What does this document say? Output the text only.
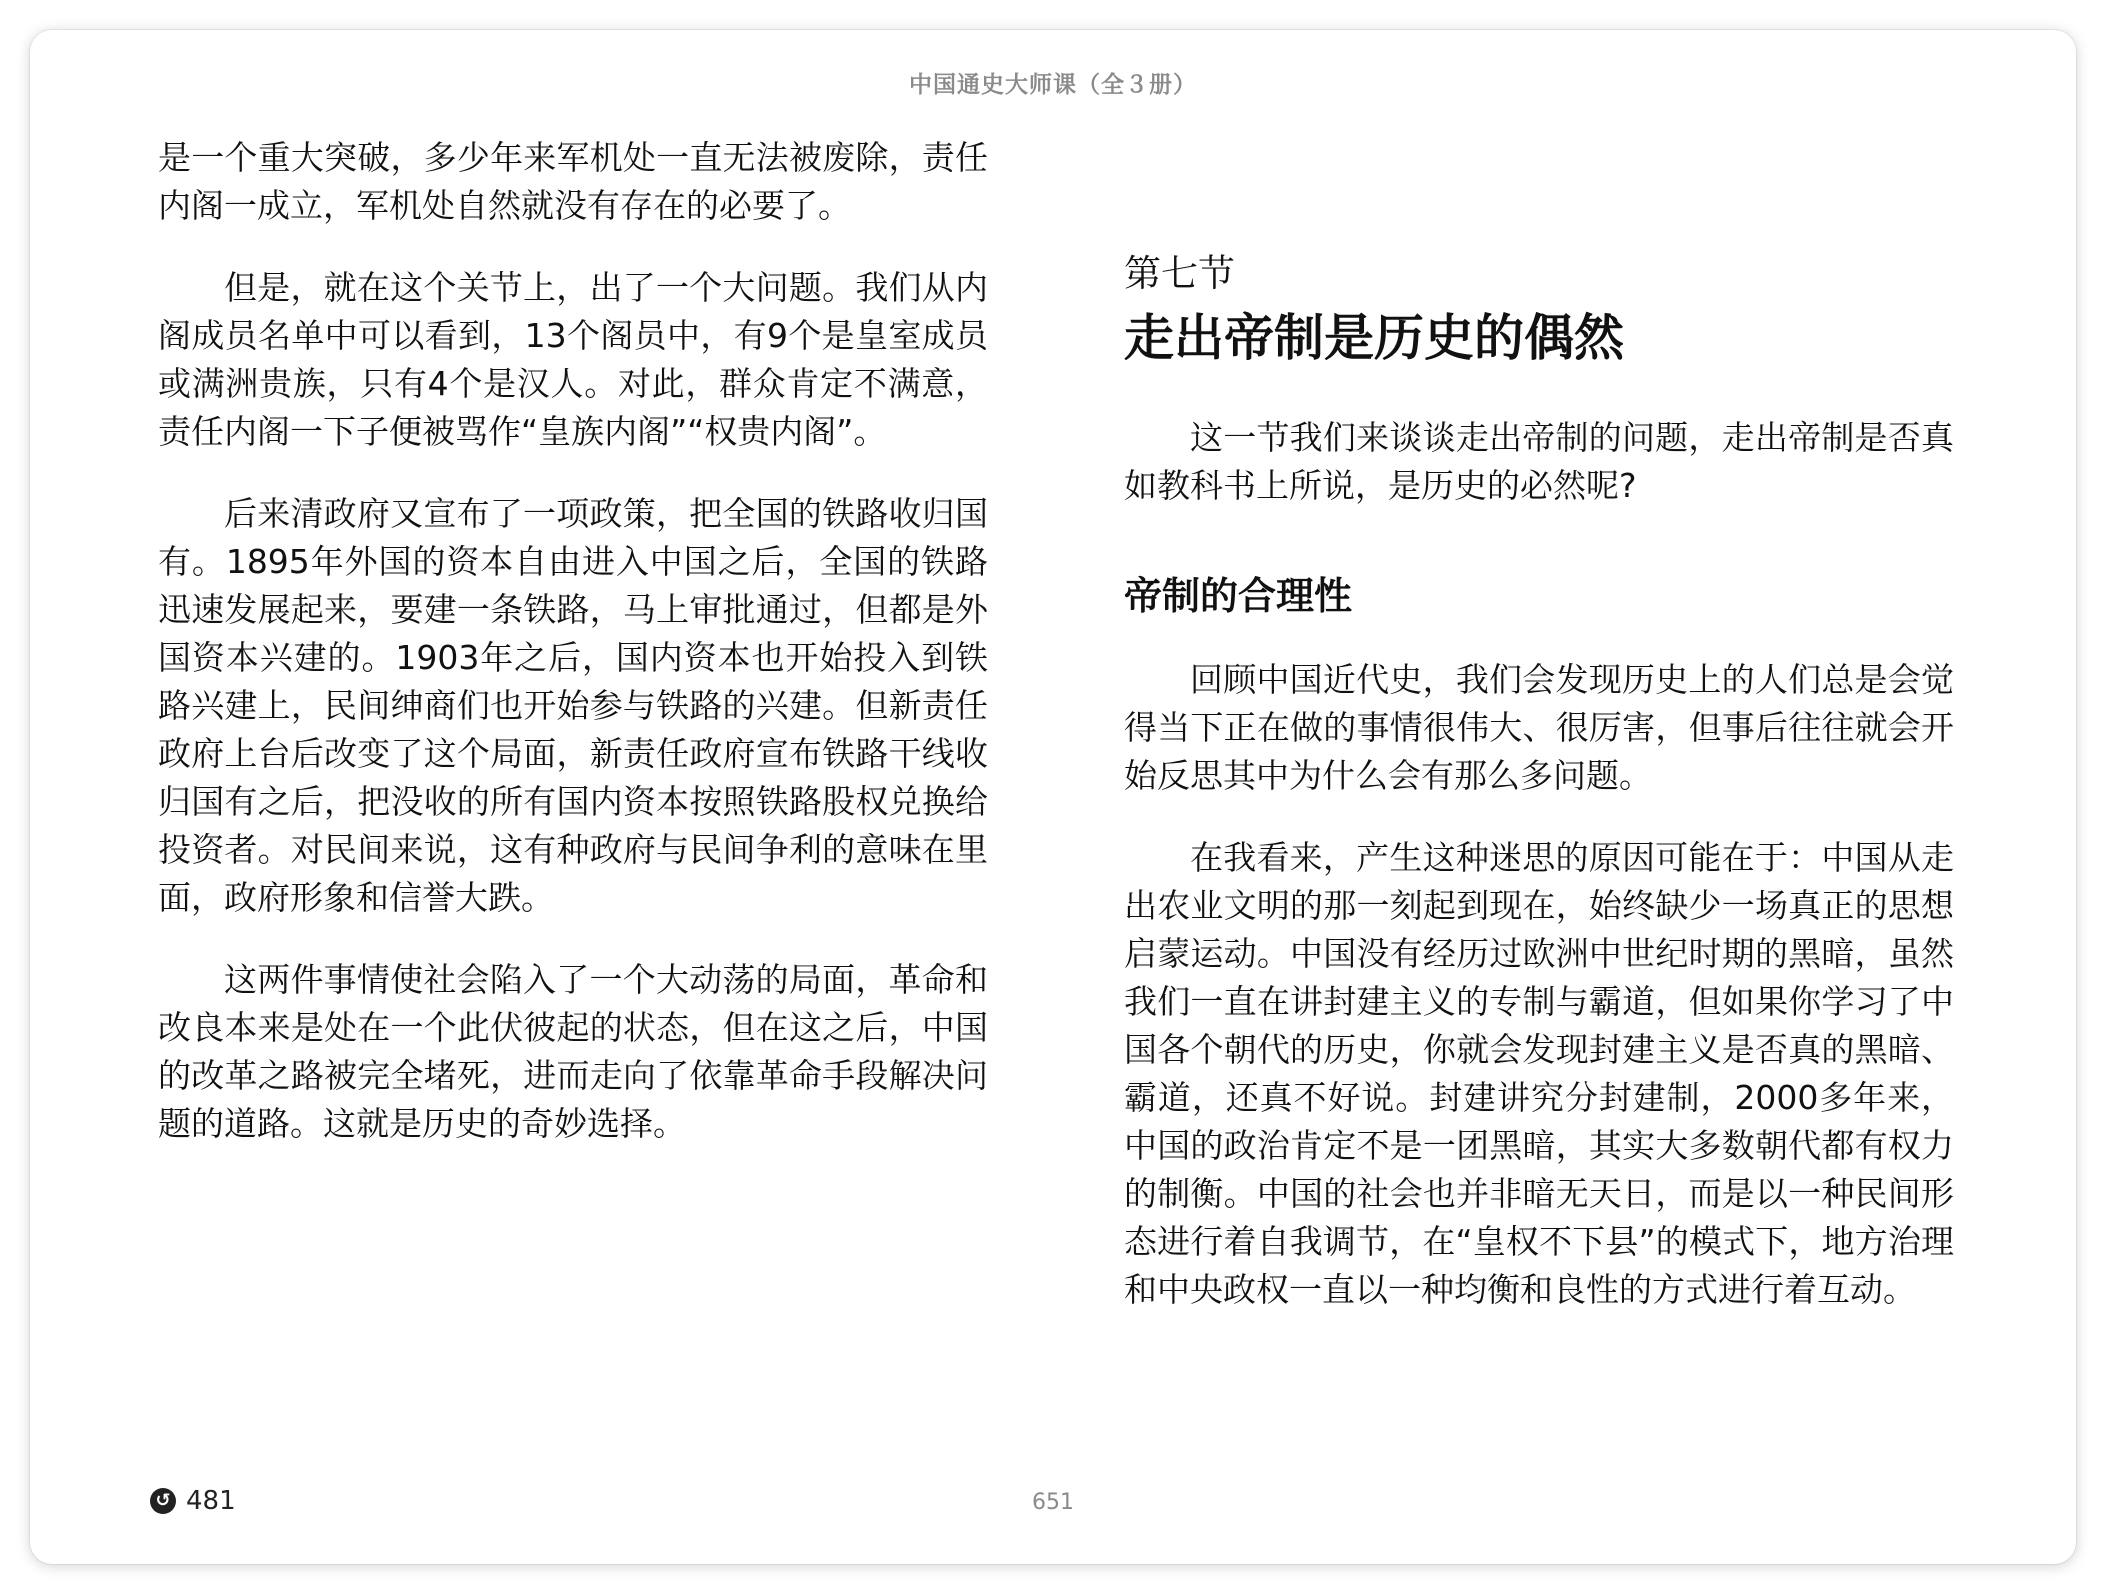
中国通史大师课（全３册）

是一个重大突破，多少年来军机处一直无法被废除，责任内阁一成立，军机处自然就没有存在的必要了。

但是，就在这个关节上，出了一个大问题。我们从内阁成员名单中可以看到，13个阁员中，有9个是皇室成员或满洲贵族，只有4个是汉人。对此，群众肯定不满意，责任内阁一下子便被骂作“皇族内阁”“权贵内阁”。

后来清政府又宣布了一项政策，把全国的铁路收归国有。1895年外国的资本自由进入中国之后，全国的铁路迅速发展起来，要建一条铁路，马上审批通过，但都是外国资本兴建的。1903年之后，国内资本也开始投入到铁路兴建上，民间绅商们也开始参与铁路的兴建。但新责任政府上台后改变了这个局面，新责任政府宣布铁路干线收归国有之后，把没收的所有国内资本按照铁路股权兑换给投资者。对民间来说，这有种政府与民间争利的意味在里面，政府形象和信誉大跌。

这两件事情使社会陷入了一个大动荡的局面，革命和改良本来是处在一个此伏彼起的状态，但在这之后，中国的改革之路被完全堵死，进而走向了依靠革命手段解决问题的道路。这就是历史的奇妙选择。

第七节
走出帝制是历史的偶然

这一节我们来谈谈走出帝制的问题，走出帝制是否真如教科书上所说，是历史的必然呢?

帝制的合理性

回顾中国近代史，我们会发现历史上的人们总是会觉得当下正在做的事情很伟大、很厉害，但事后往往就会开始反思其中为什么会有那么多问题。

在我看来，产生这种迷思的原因可能在于：中国从走出农业文明的那一刻起到现在，始终缺少一场真正的思想启蒙运动。中国没有经历过欧洲中世纪时期的黑暗，虽然我们一直在讲封建主义的专制与霸道，但如果你学习了中国各个朝代的历史，你就会发现封建主义是否真的黑暗、霸道，还真不好说。封建讲究分封建制，2000多年来，中国的政治肯定不是一团黑暗，其实大多数朝代都有权力的制衡。中国的社会也并非暗无天日，而是以一种民间形态进行着自我调节，在“皇权不下县”的模式下，地方治理和中央政权一直以一种均衡和良性的方式进行着互动。

↺ 481	651
